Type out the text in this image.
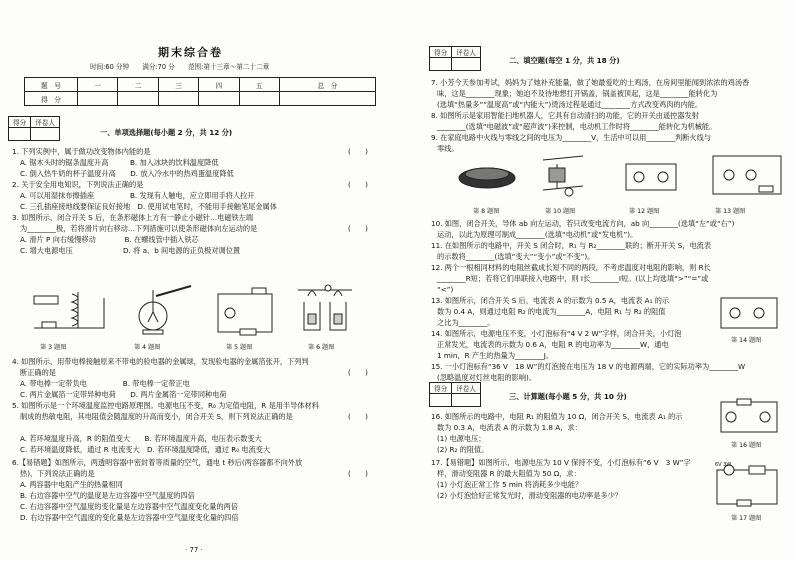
期末综合卷
时间:60 分钟　　满分:70 分　　范围:第十三章～第二十二章
题　号	一	二	三	四	五	总　分
得　分						
得分	评卷人

一、单项选择题(每小题 2 分，共 12 分)
1. 下列实例中，属于做功改变物体内能的是	(　　)
A. 锯木头时的锯条温度升高　　　B. 加入冰块的饮料温度降低
C. 倒入热牛奶的杯子温度升高　　D. 放入冷水中的热鸡蛋温度降低
2. 关于安全用电知识，下列说法正确的是	(　　)
A. 可以用湿抹布擦插座　　　　　B. 发现有人触电，应立即用手将人拉开
C. 三孔插座接地线要保证良好接地　D. 使用试电笔时，不能用手接触笔尾金属体
3. 如图所示，闭合开关 S 后，在条形磁体上方有一静止小磁针…电磁铁左端
为________极，若将滑片向右移动…下列措施可以使条形磁体向左运动的是	(　　)
A. 滑片 P 向右缓慢移动　　　　B. 在螺线管中插入铁芯
C. 增大电源电压　　　　　　　D. 将 a、b 间电源的正负极对调位置
第 3 题图	第 4 题图	第 5 题图	第 6 题图
4. 如图所示，用带电棒接触原来不带电的验电器的金属球，发现验电器的金属箔张开，下列判
断正确的是	(　　)
A. 带电棒一定带负电　　　　　B. 带电棒一定带正电
C. 两片金属箔一定带异种电荷　　D. 两片金属箔一定带同种电荷
5. 如图所示是一个环境温度监控电路原理图。电源电压不变，R₀ 为定值电阻，R 是用半导体材料
制成的热敏电阻，其电阻值会随温度的升高而变小，闭合开关 S，则下列说法正确的是	(　　)
A. 若环境温度升高，R 的阻值变大　　B. 若环境温度升高，电压表示数变大
C. 若环境温度降低，通过 R 电流变大　D. 若环境温度降低，通过 R₀ 电流变大
6.【易错题】如图所示，两透明容器中密封着等质量的空气，通电 t 秒后(两容器都不向外放
热)，下列说法正确的是	(　　)
A. 两容器中电阻产生的热量相同
B. 右边容器中空气的温度是左边容器中空气温度的四倍
C. 右边容器中空气温度的变化量是左边容器中空气温度变化量的两倍
D. 右边容器中空气温度的变化量是左边容器中空气温度变化量的四倍
· 77 ·
得分	评卷人

二、填空题(每空 1 分，共 18 分)
7. 小芳今天参加考试，妈妈为了她补充能量，做了她最爱吃的土鸡汤，在房间里能闻到浓浓的鸡汤香
味，这是________现象；她迫不及待地想打开锅盖，锅盖被顶起，这是________能转化为
(选填“热量多”“温度高”或“内能大”)烫汤过程是通过________方式改变鸡肉的内能。
8. 如图所示是家用智能扫地机器人，它具有自动清扫的功能，它的开关由遥控器发射
________(选填“电磁波”或“超声波”)来控制，电动机工作时将________能转化为机械能。
9. 在家庭电路中火线与零线之间的电压为________V，生活中可以用________判断火线与
零线。
第 8 题图	第 10 题图	第 12 题图	第 13 题图
10. 如图，闭合开关，导体 ab 向左运动，若只改变电流方向，ab 向________(选填“左”或“右”)
运动，以此为原理可制成________(选填“电动机”或“发电机”)。
11. 在如图所示的电路中，开关 S 闭合时，R₁ 与 R₂________联的；断开开关 S，电流表
的示数将________(选填“变大”“变小”或“不变”)。
12. 两个一根相同材料的电阻丝截成长短不同的两段，不考虑温度对电阻的影响，则 R长
________R短；若将它们串联接入电路中，则 I长________I短。(以上均选填“>”“=”或
“<”)
13. 如图所示，闭合开关 S 后，电流表 A 的示数为 0.5 A，电流表 A₁ 的示
数为 0.4 A，则通过电阻 R₂ 的电流为________A，电阻 R₁ 与 R₂ 的阻值
之比为________。
14. 如图所示，电源电压不变，小灯泡标有“4 V 2 W”字样，闭合开关，小灯泡
正常发光，电流表的示数为 0.6 A，电阻 R 的电功率为________W，通电
1 min，R 产生的热量为________J。
15. 一小灯泡标有“36 V　18 W”的灯泡接在电压为 18 V 的电源两端，它的实际功率为________W
(忽略温度对灯丝电阻的影响)。
第 14 题图
得分	评卷人

三、计算题(每小题 5 分，共 10 分)
16. 如图所示的电路中，电阻 R₁ 的阻值为 10 Ω，闭合开关 S，电流表 A₁ 的示
数为 0.3 A，电流表 A 的示数为 1.8 A，求：
(1) 电源电压；
(2) R₂ 的阻值。	第 16 题图
17.【易错题】如图所示，电源电压为 10 V 保持不变，小灯泡标有“6 V　3 W”字
样，滑动变阻器 R 的最大阻值为 50 Ω，求：
(1) 小灯泡正常工作 5 min 将消耗多少电能？
(2) 小灯泡恰好正常发光时，滑动变阻器的电功率是多少？
6V 3W
第 17 题图
